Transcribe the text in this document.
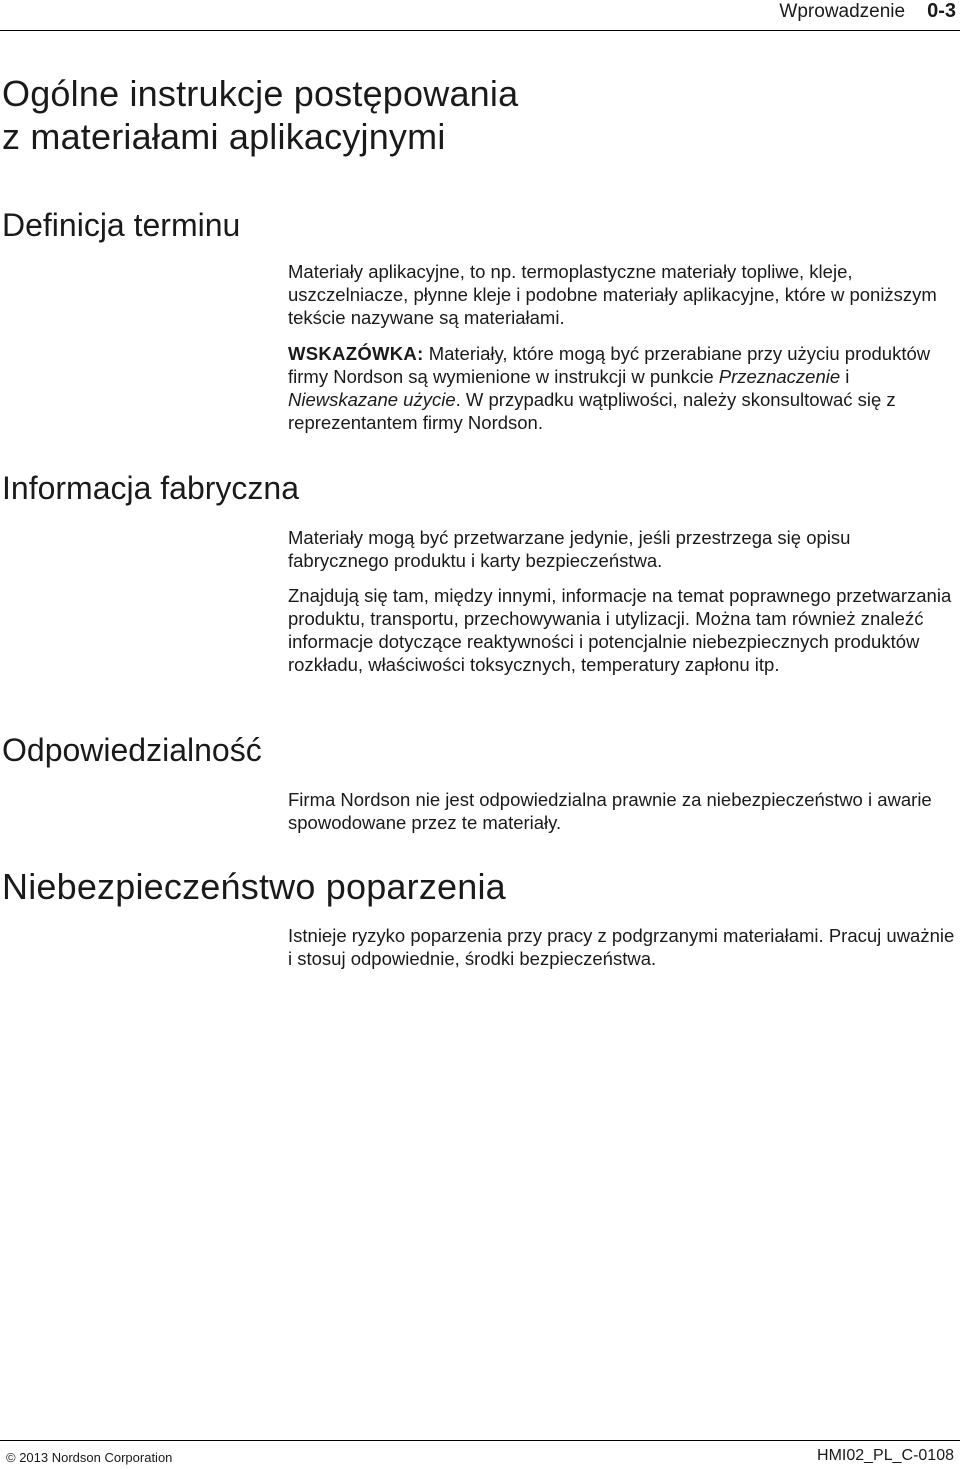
Wprowadzenie 0-3
Ogólne instrukcje postępowania
z materiałami aplikacyjnymi
Definicja terminu
Materiały aplikacyjne, to np. termoplastyczne materiały topliwe, kleje, uszczelniacze, płynne kleje i podobne materiały aplikacyjne, które w poniższym tekście nazywane są materiałami.
WSKAZÓWKA: Materiały, które mogą być przerabiane przy użyciu produktów firmy Nordson są wymienione w instrukcji w punkcie Przeznaczenie i Niewskazane użycie. W przypadku wątpliwości, należy skonsultować się z reprezentantem firmy Nordson.
Informacja fabryczna
Materiały mogą być przetwarzane jedynie, jeśli przestrzega się opisu fabrycznego produktu i karty bezpieczeństwa.
Znajdują się tam, między innymi, informacje na temat poprawnego przetwarzania produktu, transportu, przechowywania i utylizacji. Można tam również znaleźć informacje dotyczące reaktywności i potencjalnie niebezpiecznych produktów rozkładu, właściwości toksycznych, temperatury zapłonu itp.
Odpowiedzialność
Firma Nordson nie jest odpowiedzialna prawnie za niebezpieczeństwo i awarie spowodowane przez te materiały.
Niebezpieczeństwo poparzenia
Istnieje ryzyko poparzenia przy pracy z podgrzanymi materiałami. Pracuj uważnie i stosuj odpowiednie, środki bezpieczeństwa.
© 2013 Nordson Corporation	HMI02_PL_C-0108
